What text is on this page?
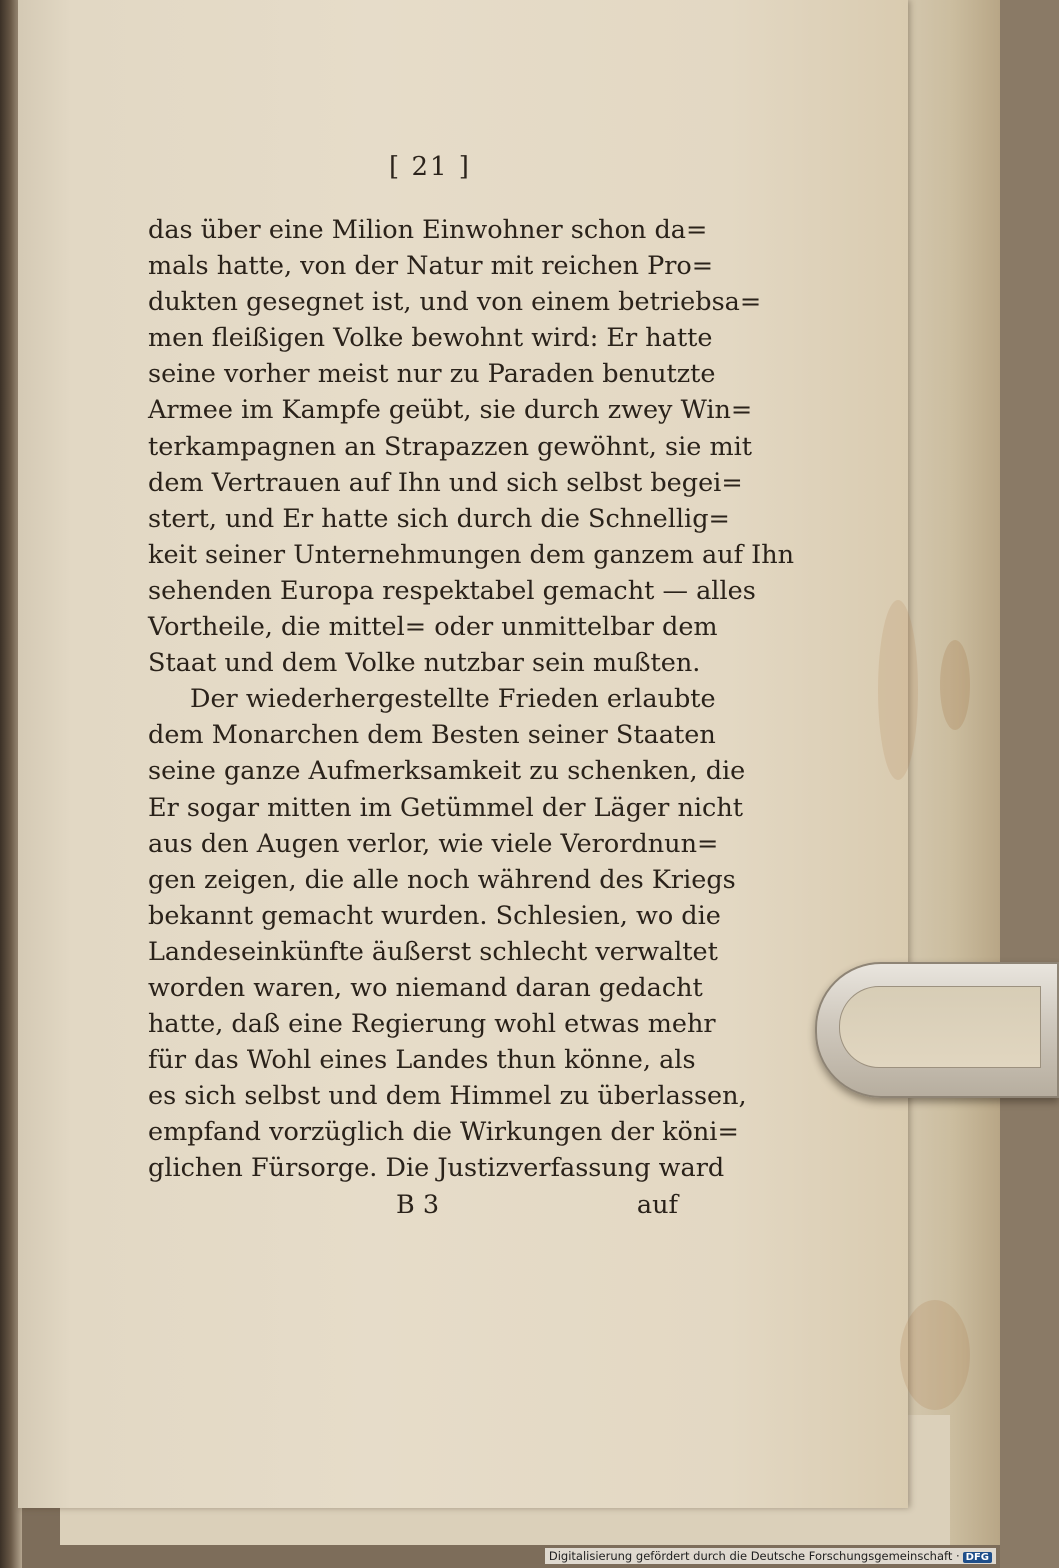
[ 21 ]
das über eine Milion Einwohner schon da=
mals hatte, von der Natur mit reichen Pro=
dukten gesegnet ist, und von einem betriebsa=
men fleißigen Volke bewohnt wird: Er hatte
seine vorher meist nur zu Paraden benutzte
Armee im Kampfe geübt, sie durch zwey Win=
terkampagnen an Strapazzen gewöhnt, sie mit
dem Vertrauen auf Ihn und sich selbst begei=
stert, und Er hatte sich durch die Schnellig=
keit seiner Unternehmungen dem ganzem auf Ihn
sehenden Europa respektabel gemacht — alles
Vortheile, die mittel= oder unmittelbar dem
Staat und dem Volke nutzbar sein mußten.
Der wiederhergestellte Frieden erlaubte
dem Monarchen dem Besten seiner Staaten
seine ganze Aufmerksamkeit zu schenken, die
Er sogar mitten im Getümmel der Läger nicht
aus den Augen verlor, wie viele Verordnun=
gen zeigen, die alle noch während des Kriegs
bekannt gemacht wurden. Schlesien, wo die
Landeseinkünfte äußerst schlecht verwaltet
worden waren, wo niemand daran gedacht
hatte, daß eine Regierung wohl etwas mehr
für das Wohl eines Landes thun könne, als
es sich selbst und dem Himmel zu überlassen,
empfand vorzüglich die Wirkungen der köni=
glichen Fürsorge. Die Justizverfassung ward
B 3	auf
Digitalisierung gefördert durch die Deutsche Forschungsgemeinschaft · DFG
